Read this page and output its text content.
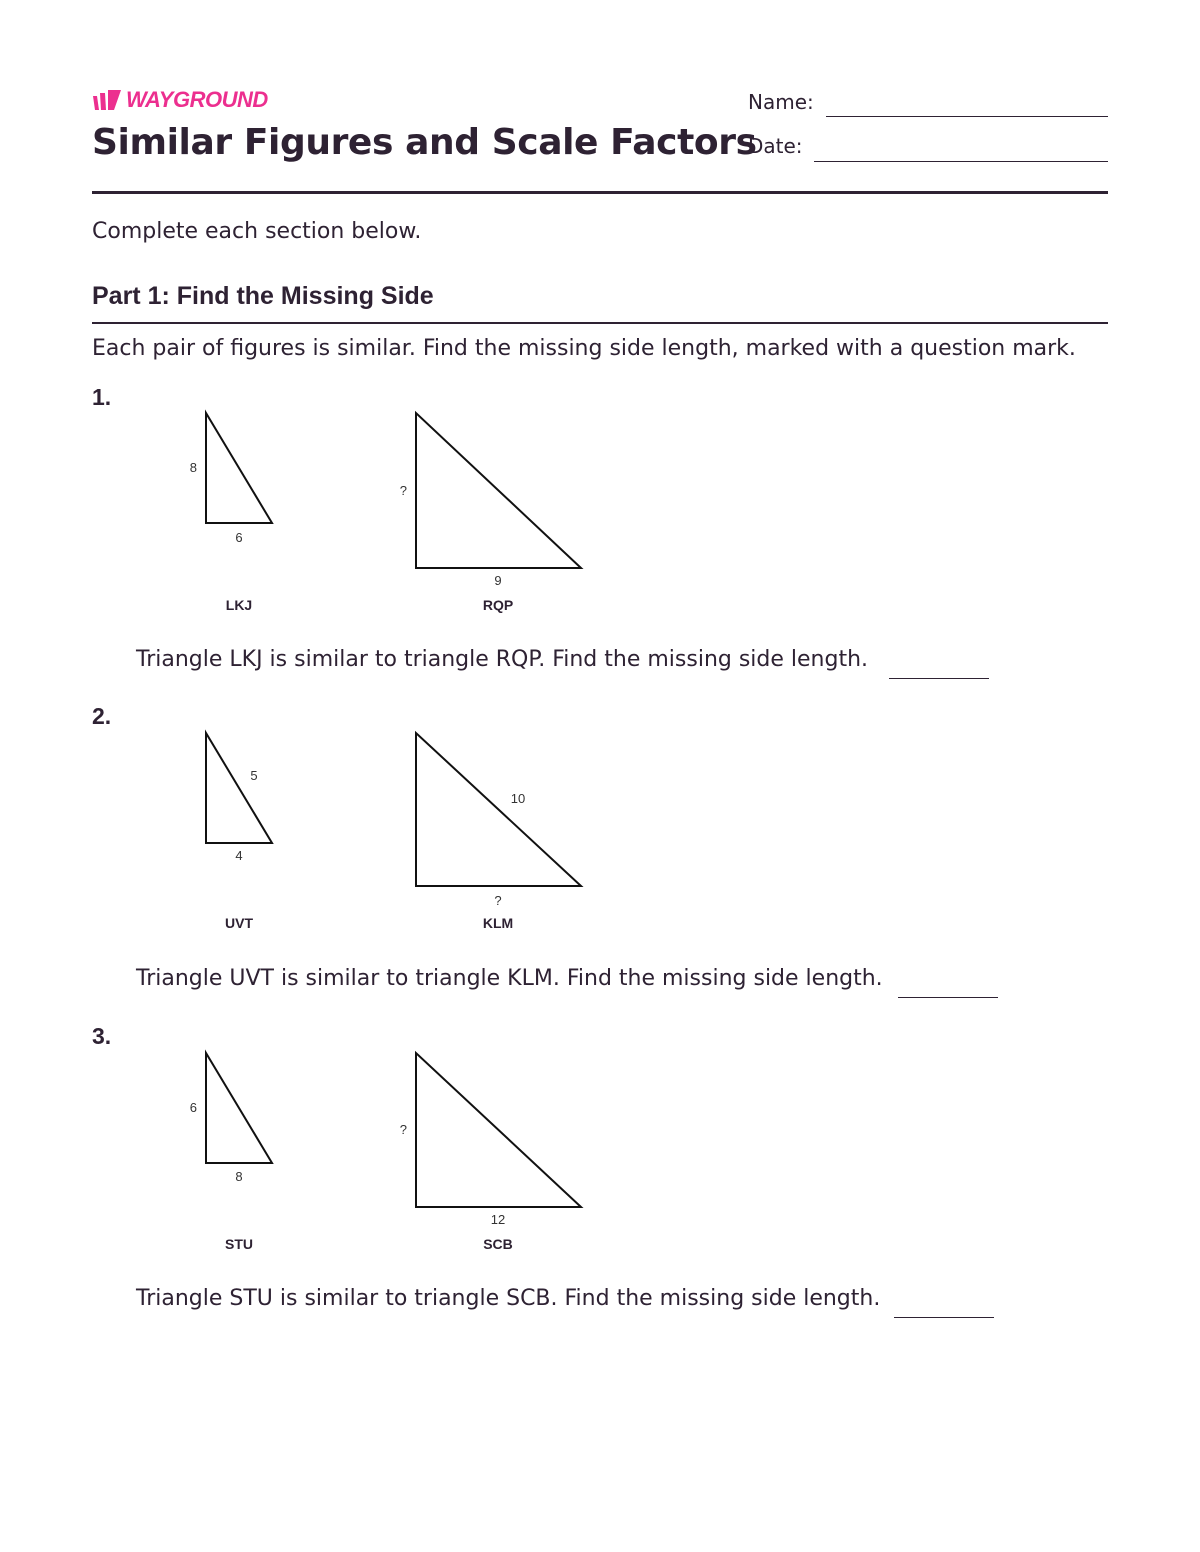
WAYGROUND
Similar Figures and Scale Factors
Name:
Date:
Complete each section below.
Part 1: Find the Missing Side
Each pair of figures is similar. Find the missing side length, marked with a question mark.
1.
8
6
LKJ
?
9
RQP
Triangle LKJ is similar to triangle RQP. Find the missing side length.
2.
5
4
UVT
10
?
KLM
Triangle UVT is similar to triangle KLM. Find the missing side length.
3.
6
8
STU
?
12
SCB
Triangle STU is similar to triangle SCB. Find the missing side length.
